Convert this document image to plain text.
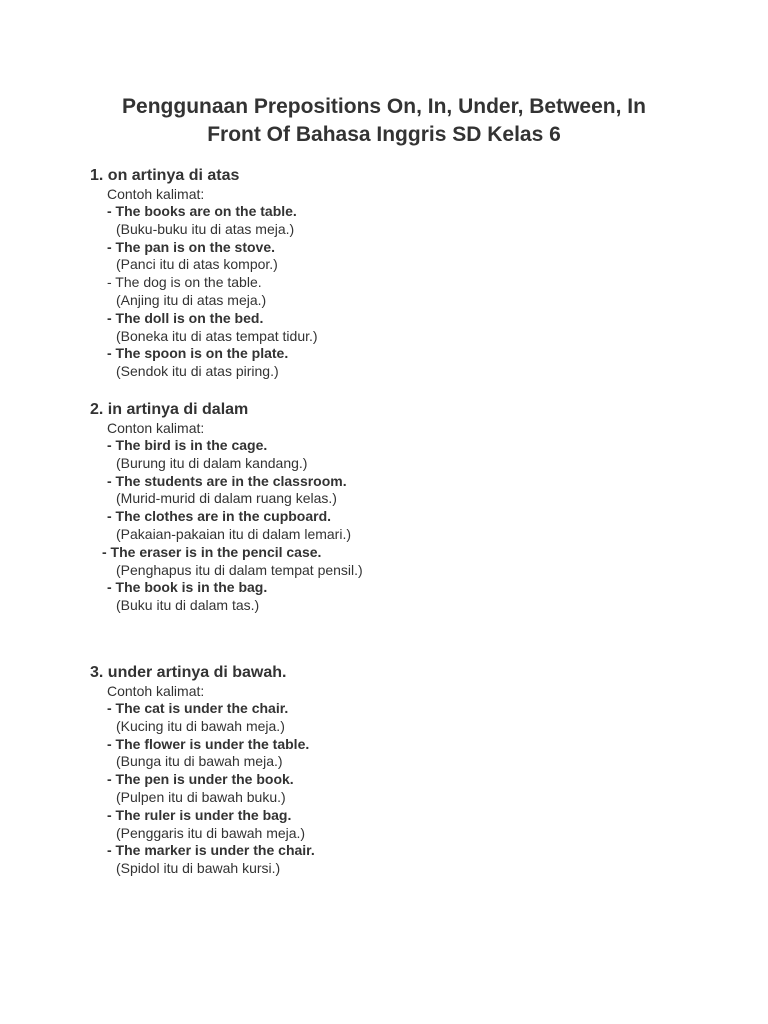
Penggunaan Prepositions On, In, Under, Between, In
Front Of Bahasa Inggris SD Kelas 6
1. on artinya di atas
Contoh kalimat:
- The books are on the table.
(Buku-buku itu di atas meja.)
- The pan is on the stove.
(Panci itu di atas kompor.)
- The dog is on the table.
(Anjing itu di atas meja.)
- The doll is on the bed.
(Boneka itu di atas tempat tidur.)
- The spoon is on the plate.
(Sendok itu di atas piring.)
2. in artinya di dalam
Conton kalimat:
- The bird is in the cage.
(Burung itu di dalam kandang.)
- The students are in the classroom.
(Murid-murid di dalam ruang kelas.)
- The clothes are in the cupboard.
(Pakaian-pakaian itu di dalam lemari.)
- The eraser is in the pencil case.
(Penghapus itu di dalam tempat pensil.)
- The book is in the bag.
(Buku itu di dalam tas.)
3. under artinya di bawah.
Contoh kalimat:
- The cat is under the chair.
(Kucing itu di bawah meja.)
- The flower is under the table.
(Bunga itu di bawah meja.)
- The pen is under the book.
(Pulpen itu di bawah buku.)
- The ruler is under the bag.
(Penggaris itu di bawah meja.)
- The marker is under the chair.
(Spidol itu di bawah kursi.)
